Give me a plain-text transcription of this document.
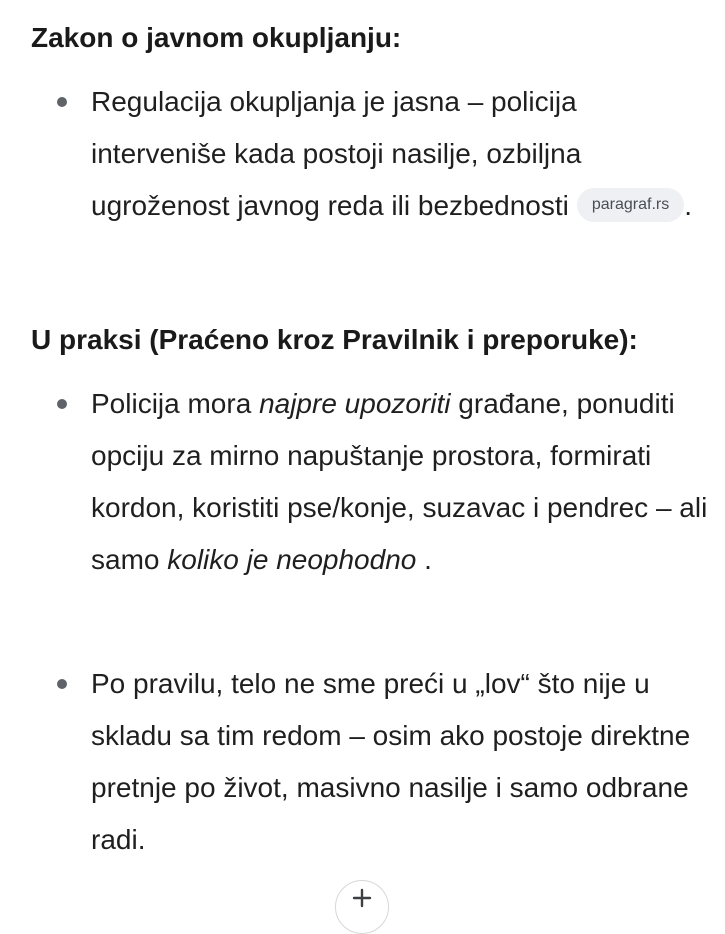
Zakon o javnom okupljanju:

Regulacija okupljanja je jasna – policija interveniše kada postoji nasilje, ozbiljna ugroženost javnog reda ili bezbednosti paragraf.rs .

U praksi (Praćeno kroz Pravilnik i preporuke):

Policija mora najpre upozoriti građane, ponuditi opciju za mirno napuštanje prostora, formirati kordon, koristiti pse/konje, suzavac i pendrec – ali samo koliko je neophodno .

Po pravilu, telo ne sme preći u „lov“ što nije u skladu sa tim redom – osim ako postoje direktne pretnje po život, masivno nasilje i samo odbrane radi.
